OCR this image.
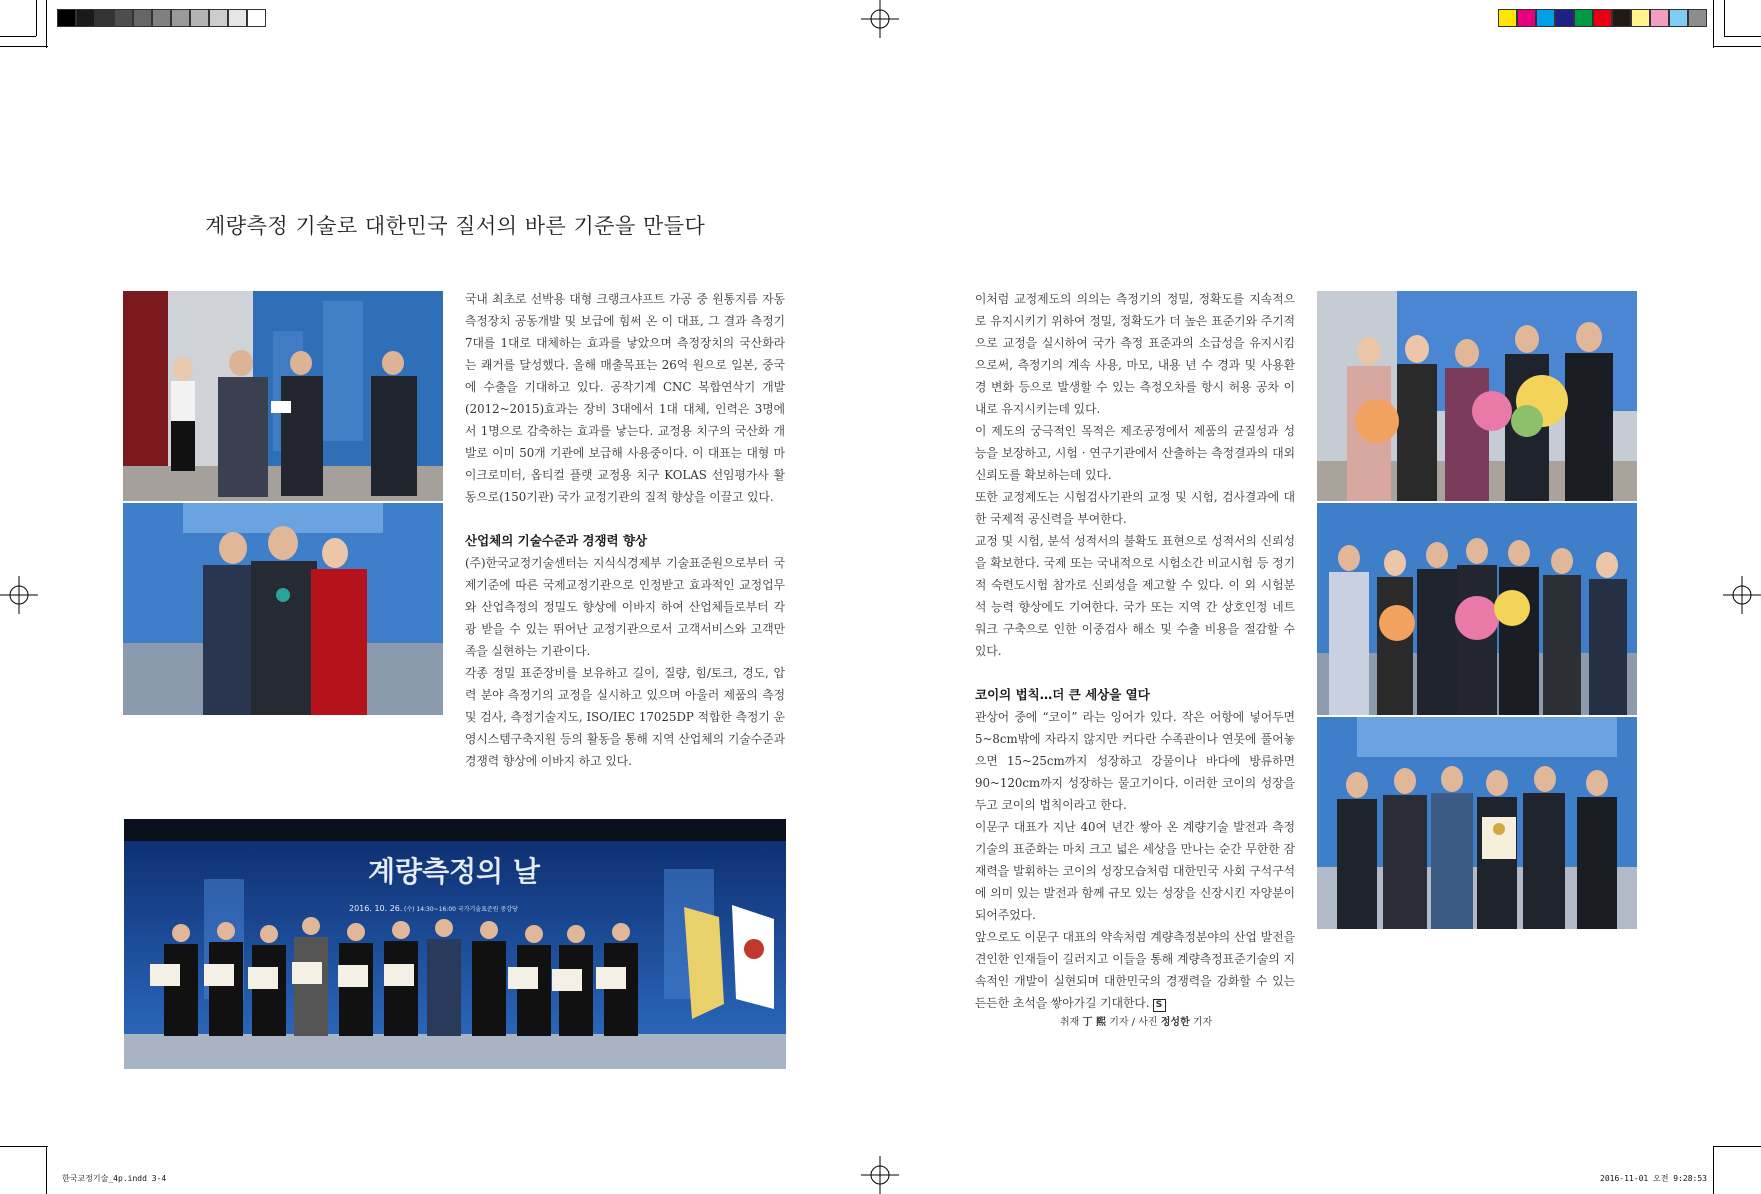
계량측정 기술로 대한민국 질서의 바른 기준을 만들다

국내 최초로 선박용 대형 크랭크샤프트 가공 중 원통지름 자동측정장치 공동개발 및 보급에 힘써 온 이 대표, 그 결과 측정기 7대를 1대로 대체하는 효과를 낳았으며 측정장치의 국산화라는 쾌거를 달성했다. 올해 매출목표는 26억 원으로 일본, 중국에 수출을 기대하고 있다. 공작기계 CNC 복합연삭기 개발(2012~2015)효과는 장비 3대에서 1대 대체, 인력은 3명에서 1명으로 감축하는 효과를 낳는다. 교정용 치구의 국산화 개발로 이미 50개 기관에 보급해 사용중이다. 이 대표는 대형 마이크로미터, 옵티컬 플랫 교정용 치구 KOLAS 선임평가사 활동으로(150기관) 국가 교정기관의 질적 향상을 이끌고 있다.

산업체의 기술수준과 경쟁력 향상

(주)한국교정기술센터는 지식식경제부 기술표준원으로부터 국제기준에 따른 국제교정기관으로 인정받고 효과적인 교정업무와 산업측정의 정밀도 향상에 이바지 하여 산업체들로부터 각광 받을 수 있는 뛰어난 교정기관으로서 고객서비스와 고객만족을 실현하는 기관이다.

각종 정밀 표준장비를 보유하고 길이, 질량, 힘/토크, 경도, 압력 분야 측정기의 교정을 실시하고 있으며 아울러 제품의 측정 및 검사, 측정기술지도, ISO/IEC 17025DP 적합한 측정기 운영시스템구축지원 등의 활동을 통해 지역 산업체의 기술수준과 경쟁력 향상에 이바지 하고 있다.

계량측정의 날
2016. 10. 26. (수) 14:30~16:00 국가기술표준원 중강당

이처럼 교정제도의 의의는 측정기의 정밀, 정확도를 지속적으로 유지시키기 위하여 정밀, 정확도가 더 높은 표준기와 주기적으로 교정을 실시하여 국가 측정 표준과의 소급성을 유지시킴으로써, 측정기의 계속 사용, 마모, 내용 년 수 경과 및 사용환경 변화 등으로 발생할 수 있는 측정오차를 항시 허용 공차 이내로 유지시키는데 있다.

이 제도의 궁극적인 목적은 제조공정에서 제품의 균질성과 성능을 보장하고, 시험 · 연구기관에서 산출하는 측정결과의 대외 신뢰도를 확보하는데 있다.

또한 교정제도는 시험검사기관의 교정 및 시험, 검사결과에 대한 국제적 공신력을 부여한다.

교정 및 시험, 분석 성적서의 불확도 표현으로 성적서의 신뢰성을 확보한다. 국제 또는 국내적으로 시험소간 비교시험 등 정기적 숙련도시험 참가로 신뢰성을 제고할 수 있다. 이 외 시험분석 능력 향상에도 기여한다. 국가 또는 지역 간 상호인정 네트워크 구축으로 인한 이중검사 해소 및 수출 비용을 절감할 수 있다.

코이의 법칙…더 큰 세상을 열다

관상어 중에 “코이” 라는 잉어가 있다. 작은 어항에 넣어두면 5~8cm밖에 자라지 않지만 커다란 수족관이나 연못에 풀어놓으면 15~25cm까지 성장하고 강물이나 바다에 방류하면 90~120cm까지 성장하는 물고기이다. 이러한 코이의 성장을 두고 코이의 법칙이라고 한다.

이문구 대표가 지난 40여 년간 쌓아 온 계량기술 발전과 측정기술의 표준화는 마치 크고 넓은 세상을 만나는 순간 무한한 잠재력을 발휘하는 코이의 성장모습처럼 대한민국 사회 구석구석에 의미 있는 발전과 함께 규모 있는 성장을 신장시킨 자양분이 되어주었다.

앞으로도 이문구 대표의 약속처럼 계량측정분야의 산업 발전을 견인한 인재들이 길러지고 이들을 통해 계량측정표준기술의 지속적인 개발이 실현되며 대한민국의 경쟁력을 강화할 수 있는 든든한 초석을 쌓아가길 기대한다. S

취재 丁 熙 기자 / 사진 정성한 기자
한국교정기술_4p.indd 3-4	2016-11-01 오전 9:28:53
